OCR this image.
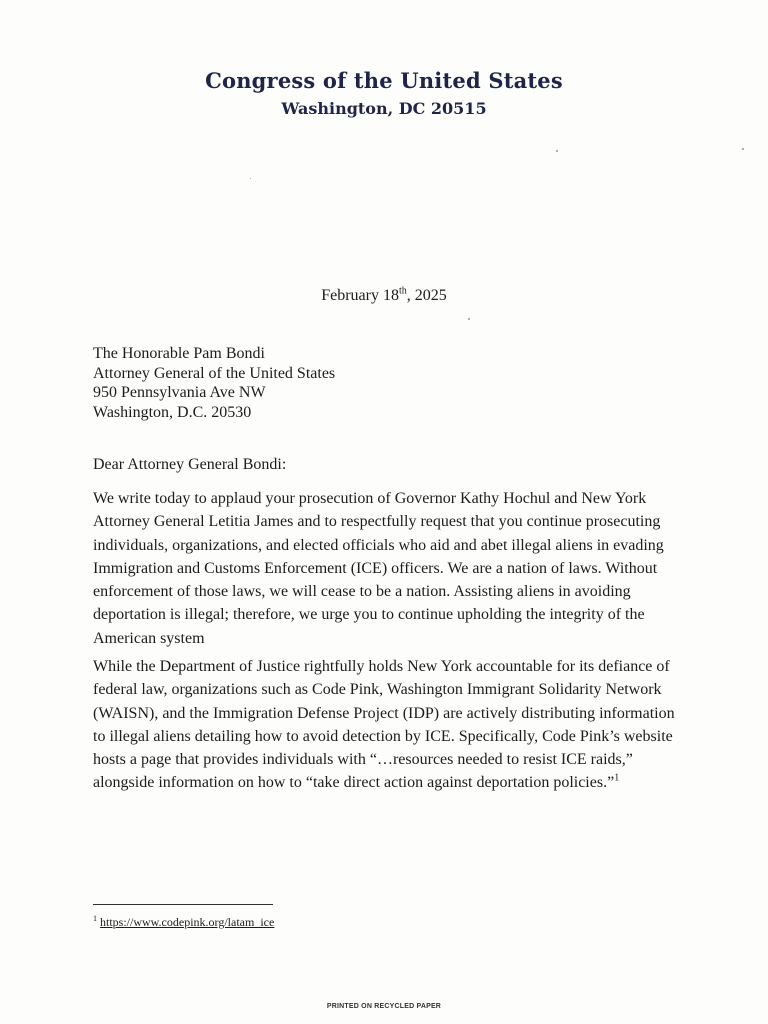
Congress of the United States
Washington, DC 20515
February 18th, 2025
The Honorable Pam Bondi
Attorney General of the United States
950 Pennsylvania Ave NW
Washington, D.C. 20530
Dear Attorney General Bondi:
We write today to applaud your prosecution of Governor Kathy Hochul and New York Attorney General Letitia James and to respectfully request that you continue prosecuting individuals, organizations, and elected officials who aid and abet illegal aliens in evading Immigration and Customs Enforcement (ICE) officers. We are a nation of laws. Without enforcement of those laws, we will cease to be a nation. Assisting aliens in avoiding deportation is illegal; therefore, we urge you to continue upholding the integrity of the American system
While the Department of Justice rightfully holds New York accountable for its defiance of federal law, organizations such as Code Pink, Washington Immigrant Solidarity Network (WAISN), and the Immigration Defense Project (IDP) are actively distributing information to illegal aliens detailing how to avoid detection by ICE. Specifically, Code Pink’s website hosts a page that provides individuals with “…resources needed to resist ICE raids,” alongside information on how to “take direct action against deportation policies.”$^1$
$^1$ https://www.codepink.org/latam_ice
PRINTED ON RECYCLED PAPER
